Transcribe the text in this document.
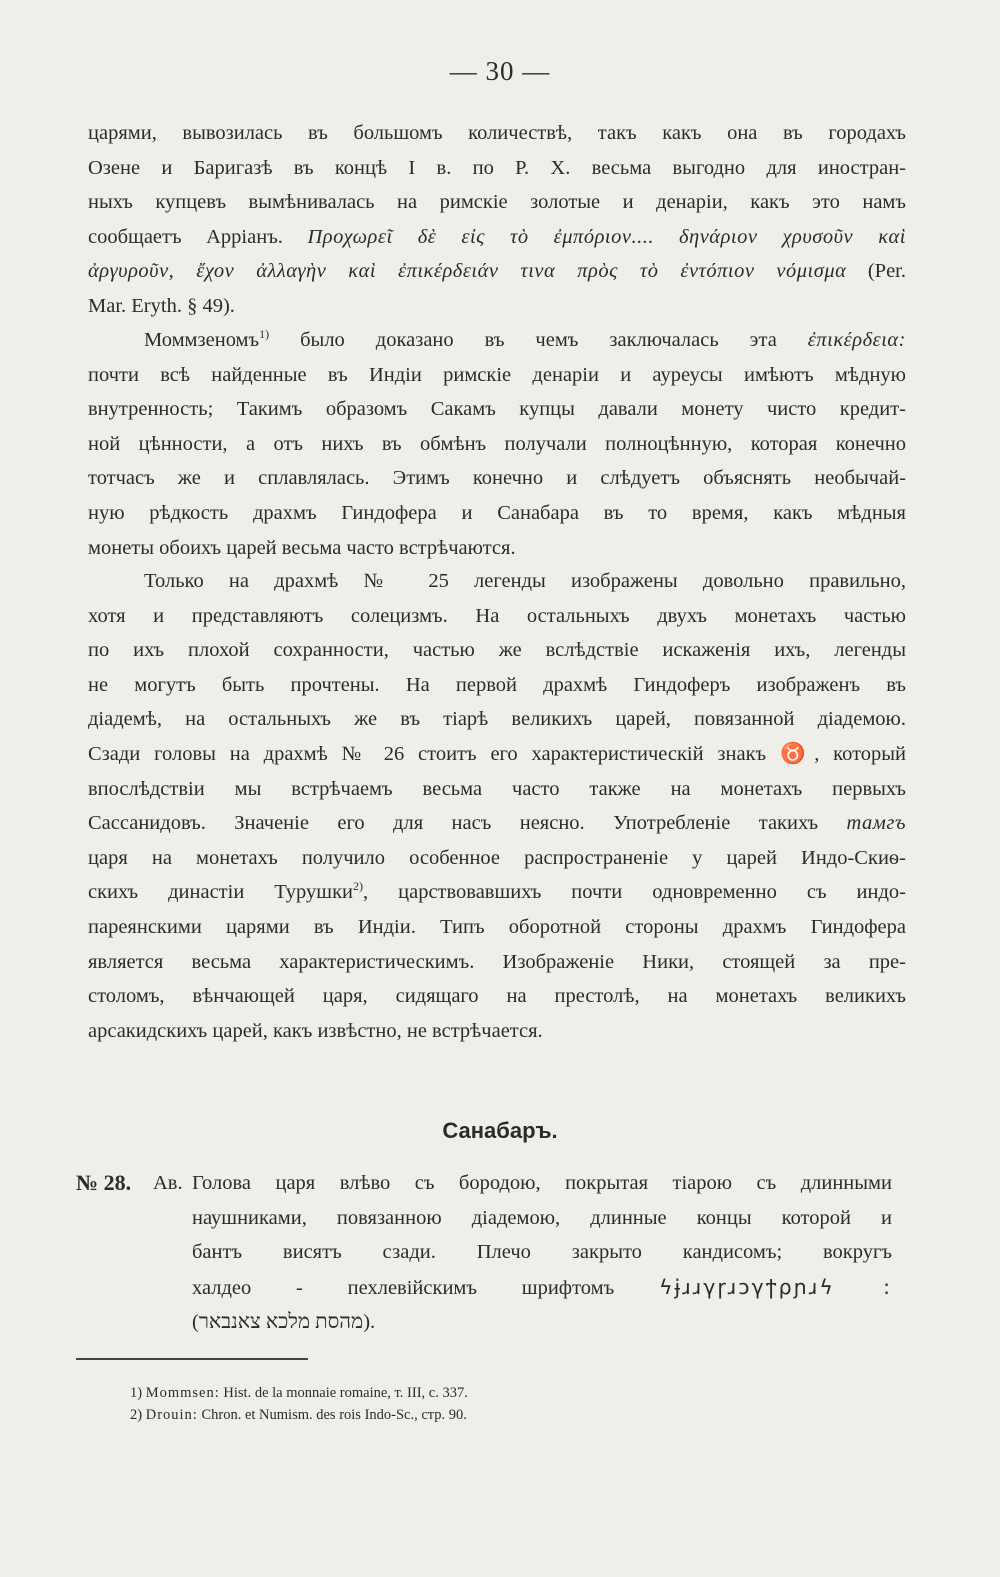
— 30 —
царями, вывозилась въ большомъ количествѣ, такъ какъ она въ городахъ
Озене и Баригазѣ въ концѣ I в. по Р. Х. весьма выгодно для иностран-
ныхъ купцевъ вымѣнивалась на римскіе золотые и денаріи, какъ это намъ
сообщаетъ Арріанъ. Προχωρεῖ δὲ εἰς τὸ ἐμπόριον.... δηνάριον χρυσοῦν καὶ
ἀργυροῦν, ἔχον ἀλλαγὴν καὶ ἐπικέρδειάν τινα πρὸς τὸ ἐντόπιον νόμισμα (Per.
Mar. Eryth. § 49).
Моммзеномъ$^{1)}$ было доказано въ чемъ заключалась эта ἐπικέρδεια:
почти всѣ найденные въ Индіи римскіе денаріи и ауреусы имѣютъ мѣдную
внутренность; Такимъ образомъ Сакамъ купцы давали монету чисто кредит-
ной цѣнности, а отъ нихъ въ обмѣнъ получали полноцѣнную, которая конечно
тотчасъ же и сплавлялась. Этимъ конечно и слѣдуетъ объяснять необычай-
ную рѣдкость драхмъ Гиндофера и Санабара въ то время, какъ мѣдныя
монеты обоихъ царей весьма часто встрѣчаются.
Только на драхмѣ № 25 легенды изображены довольно правильно,
хотя и представляютъ солецизмъ. На остальныхъ двухъ монетахъ частью
по ихъ плохой сохранности, частью же вслѣдствіе искаженія ихъ, легенды
не могутъ быть прочтены. На первой драхмѣ Гиндоферъ изображенъ въ
діадемѣ, на остальныхъ же въ тіарѣ великихъ царей, повязанной діадемою.
Сзади головы на драхмѣ № 26 стоитъ его характеристическій знакъ ♉, который
впослѣдствіи мы встрѣчаемъ весьма часто также на монетахъ первыхъ
Сассанидовъ. Значеніе его для насъ неясно. Употребленіе такихъ тамгъ
царя на монетахъ получило особенное распространеніе у царей Индо-Скиѳ-
скихъ династіи Турушки$^{2)}$, царствовавшихъ почти одновременно съ индо-
пареянскими царями въ Индіи. Типъ оборотной стороны драхмъ Гиндофера
является весьма характеристическимъ. Изображеніе Ники, стоящей за пре-
столомъ, вѣнчающей царя, сидящаго на престолѣ, на монетахъ великихъ
арсакидскихъ царей, какъ извѣстно, не встрѣчается.
Санабаръ.
№ 28. Ав. Голова царя влѣво съ бородою, покрытая тіарою съ длинными
наушниками, повязанною діадемою, длинные концы которой и
бантъ висятъ сзади. Плечо закрыто кандисомъ; вокругъ
халдео - пехлевійскимъ шрифтомъ ϟɉɹɹγɼɹɔγϯρɲɹϟ :
(מהסת מלכא צאנבאר).
1) Mommsen: Hist. de la monnaie romaine, т. III, с. 337.
2) Drouin: Chron. et Numism. des rois Indo-Sc., стр. 90.
